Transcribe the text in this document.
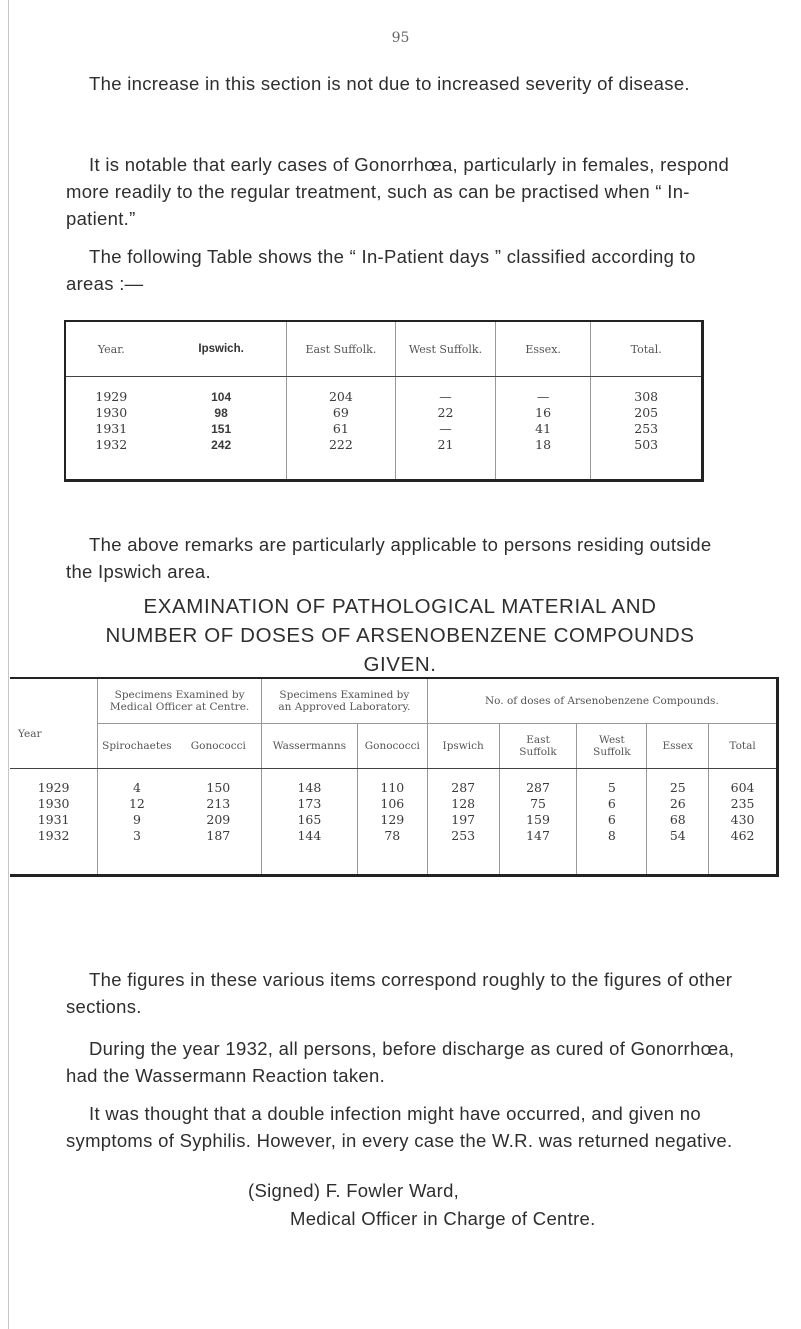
95

The increase in this section is not due to increased severity of disease.

It is notable that early cases of Gonorrhœa, particularly in females, respond more readily to the regular treatment, such as can be practised when “ In-patient.”

The following Table shows the “ In-Patient days ” classified according to areas :—

Year.	Ipswich.	East Suffolk.	West Suffolk.	Essex.	Total.
1929	104	204	—	—	308
1930	98	69	22	16	205
1931	151	61	—	41	253
1932	242	222	21	18	503

The above remarks are particularly applicable to persons residing outside the Ipswich area.

EXAMINATION OF PATHOLOGICAL MATERIAL AND
NUMBER OF DOSES OF ARSENOBENZENE COMPOUNDS
GIVEN.
Year	Specimens Examined by Medical Officer at Centre.		Specimens Examined by an Approved Laboratory.		No. of doses of Arsenobenzene Compounds.				
	Spirochaetes	Gonococci	Wassermanns	Gonococci	Ipswich	East Suffolk	West Suffolk	Essex	Total
1929	4	150	148	110	287	287	5	25	604
1930	12	213	173	106	128	75	6	26	235
1931	9	209	165	129	197	159	6	68	430
1932	3	187	144	78	253	147	8	54	462

The figures in these various items correspond roughly to the figures of other sections.

During the year 1932, all persons, before discharge as cured of Gonorrhœa, had the Wassermann Reaction taken.

It was thought that a double infection might have occurred, and given no symptoms of Syphilis. However, in every case the W.R. was returned negative.

(Signed) F. Fowler Ward,
Medical Officer in Charge of Centre.
